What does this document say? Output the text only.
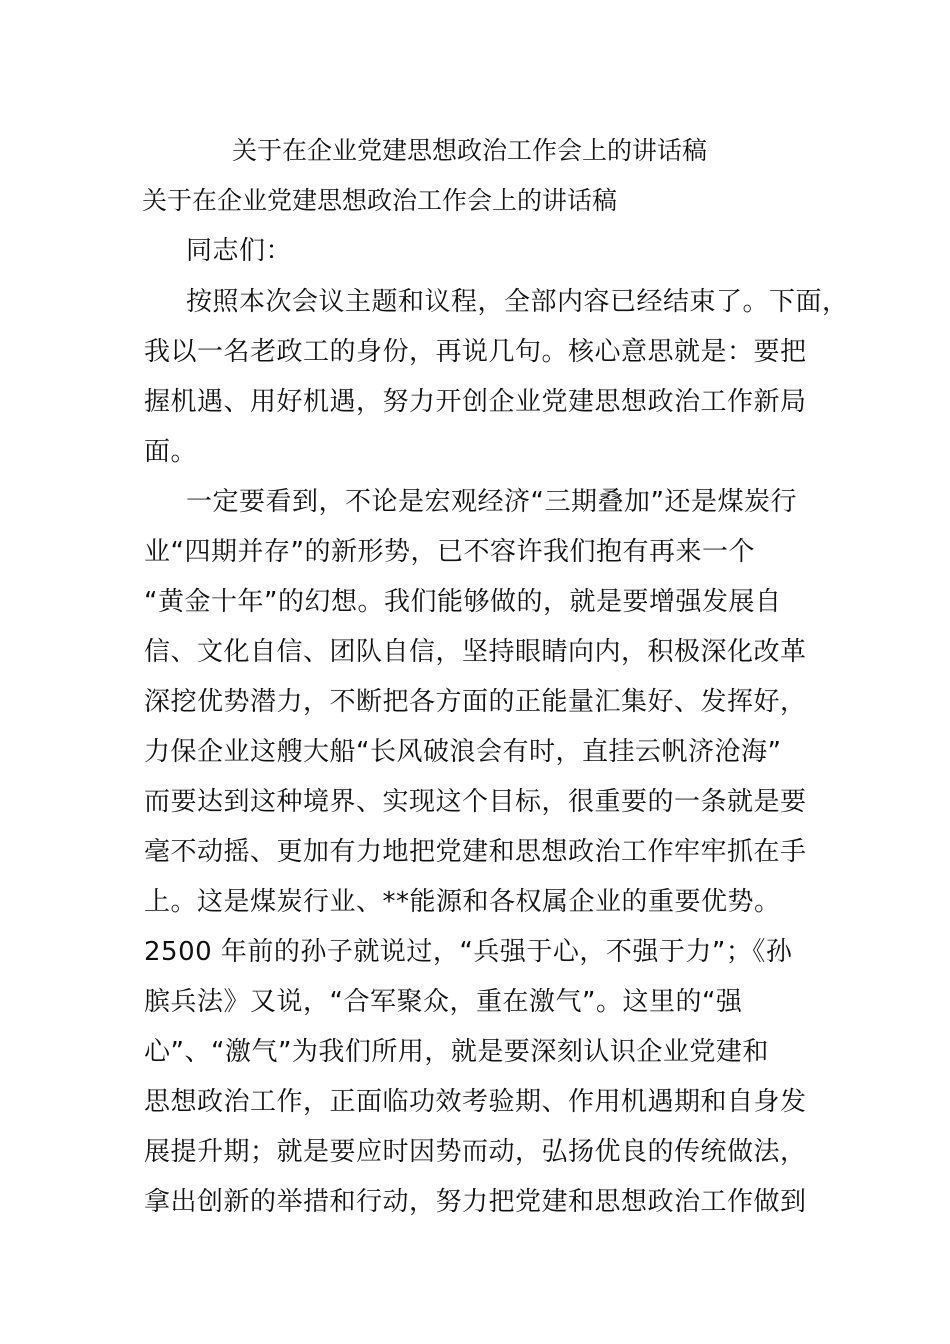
关于在企业党建思想政治工作会上的讲话稿
关于在企业党建思想政治工作会上的讲话稿
同志们：
按照本次会议主题和议程，全部内容已经结束了。下面，
我以一名老政工的身份，再说几句。核心意思就是：要把
握机遇、用好机遇，努力开创企业党建思想政治工作新局
面。
一定要看到，不论是宏观经济“三期叠加”还是煤炭行
业“四期并存”的新形势，已不容许我们抱有再来一个
“黄金十年”的幻想。我们能够做的，就是要增强发展自
信、文化自信、团队自信，坚持眼睛向内，积极深化改革
深挖优势潜力，不断把各方面的正能量汇集好、发挥好，
力保企业这艘大船“长风破浪会有时，直挂云帆济沧海”
而要达到这种境界、实现这个目标，很重要的一条就是要
毫不动摇、更加有力地把党建和思想政治工作牢牢抓在手
上。这是煤炭行业、**能源和各权属企业的重要优势。
2500 年前的孙子就说过，“兵强于心，不强于力”；《孙
膑兵法》又说，“合军聚众，重在激气”。这里的“强
心”、“激气”为我们所用，就是要深刻认识企业党建和
思想政治工作，正面临功效考验期、作用机遇期和自身发
展提升期；就是要应时因势而动，弘扬优良的传统做法，
拿出创新的举措和行动，努力把党建和思想政治工作做到
